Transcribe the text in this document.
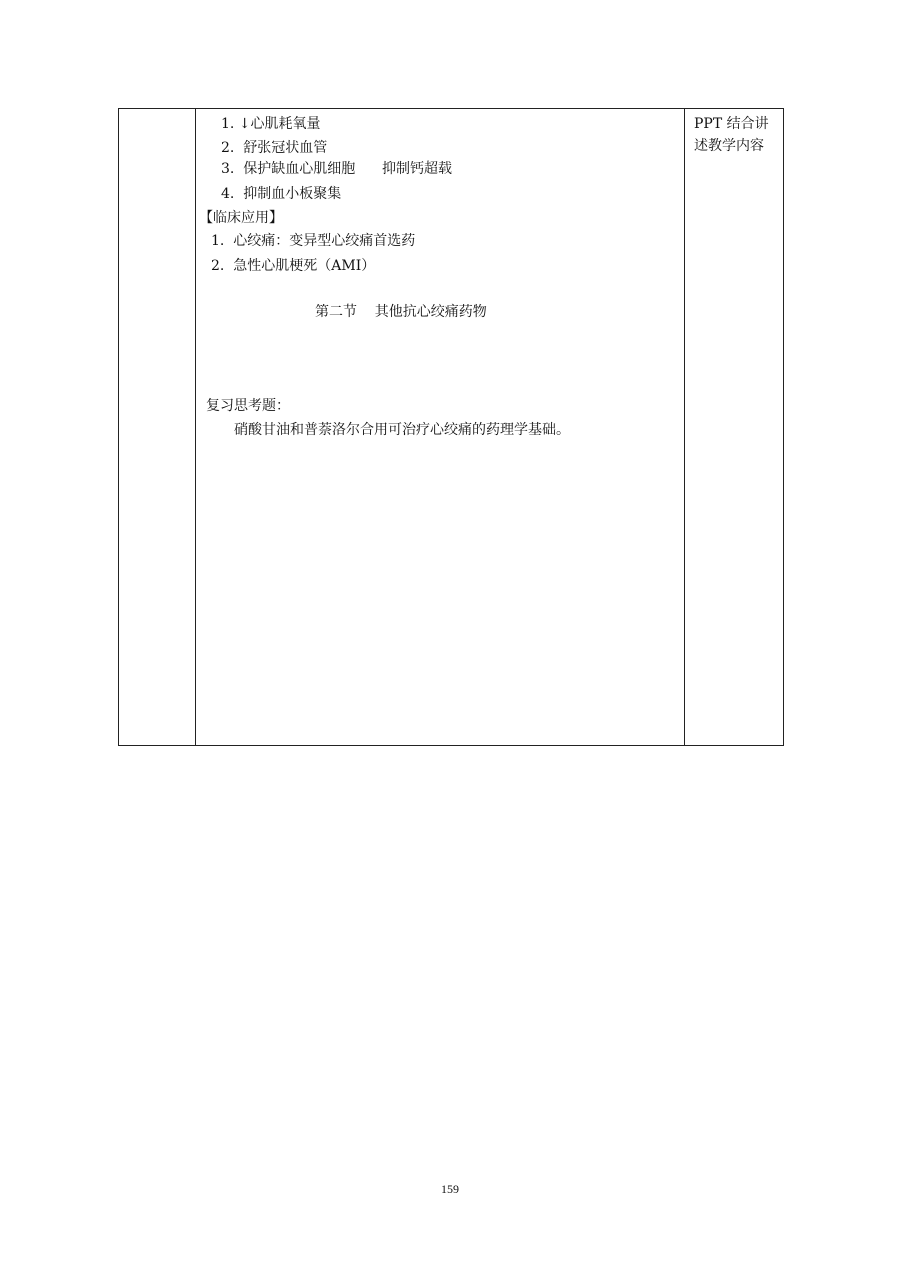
1. ↓心肌耗氧量
2.  舒张冠状血管
3.  保护缺血心肌细胞      抑制钙超载
4.  抑制血小板聚集
【临床应用】
1.  心绞痛：变异型心绞痛首选药
2.  急性心肌梗死（AMI）
第二节    其他抗心绞痛药物
复习思考题：
硝酸甘油和普萘洛尔合用可治疗心绞痛的药理学基础。
PPT 结合讲
述教学内容
159
